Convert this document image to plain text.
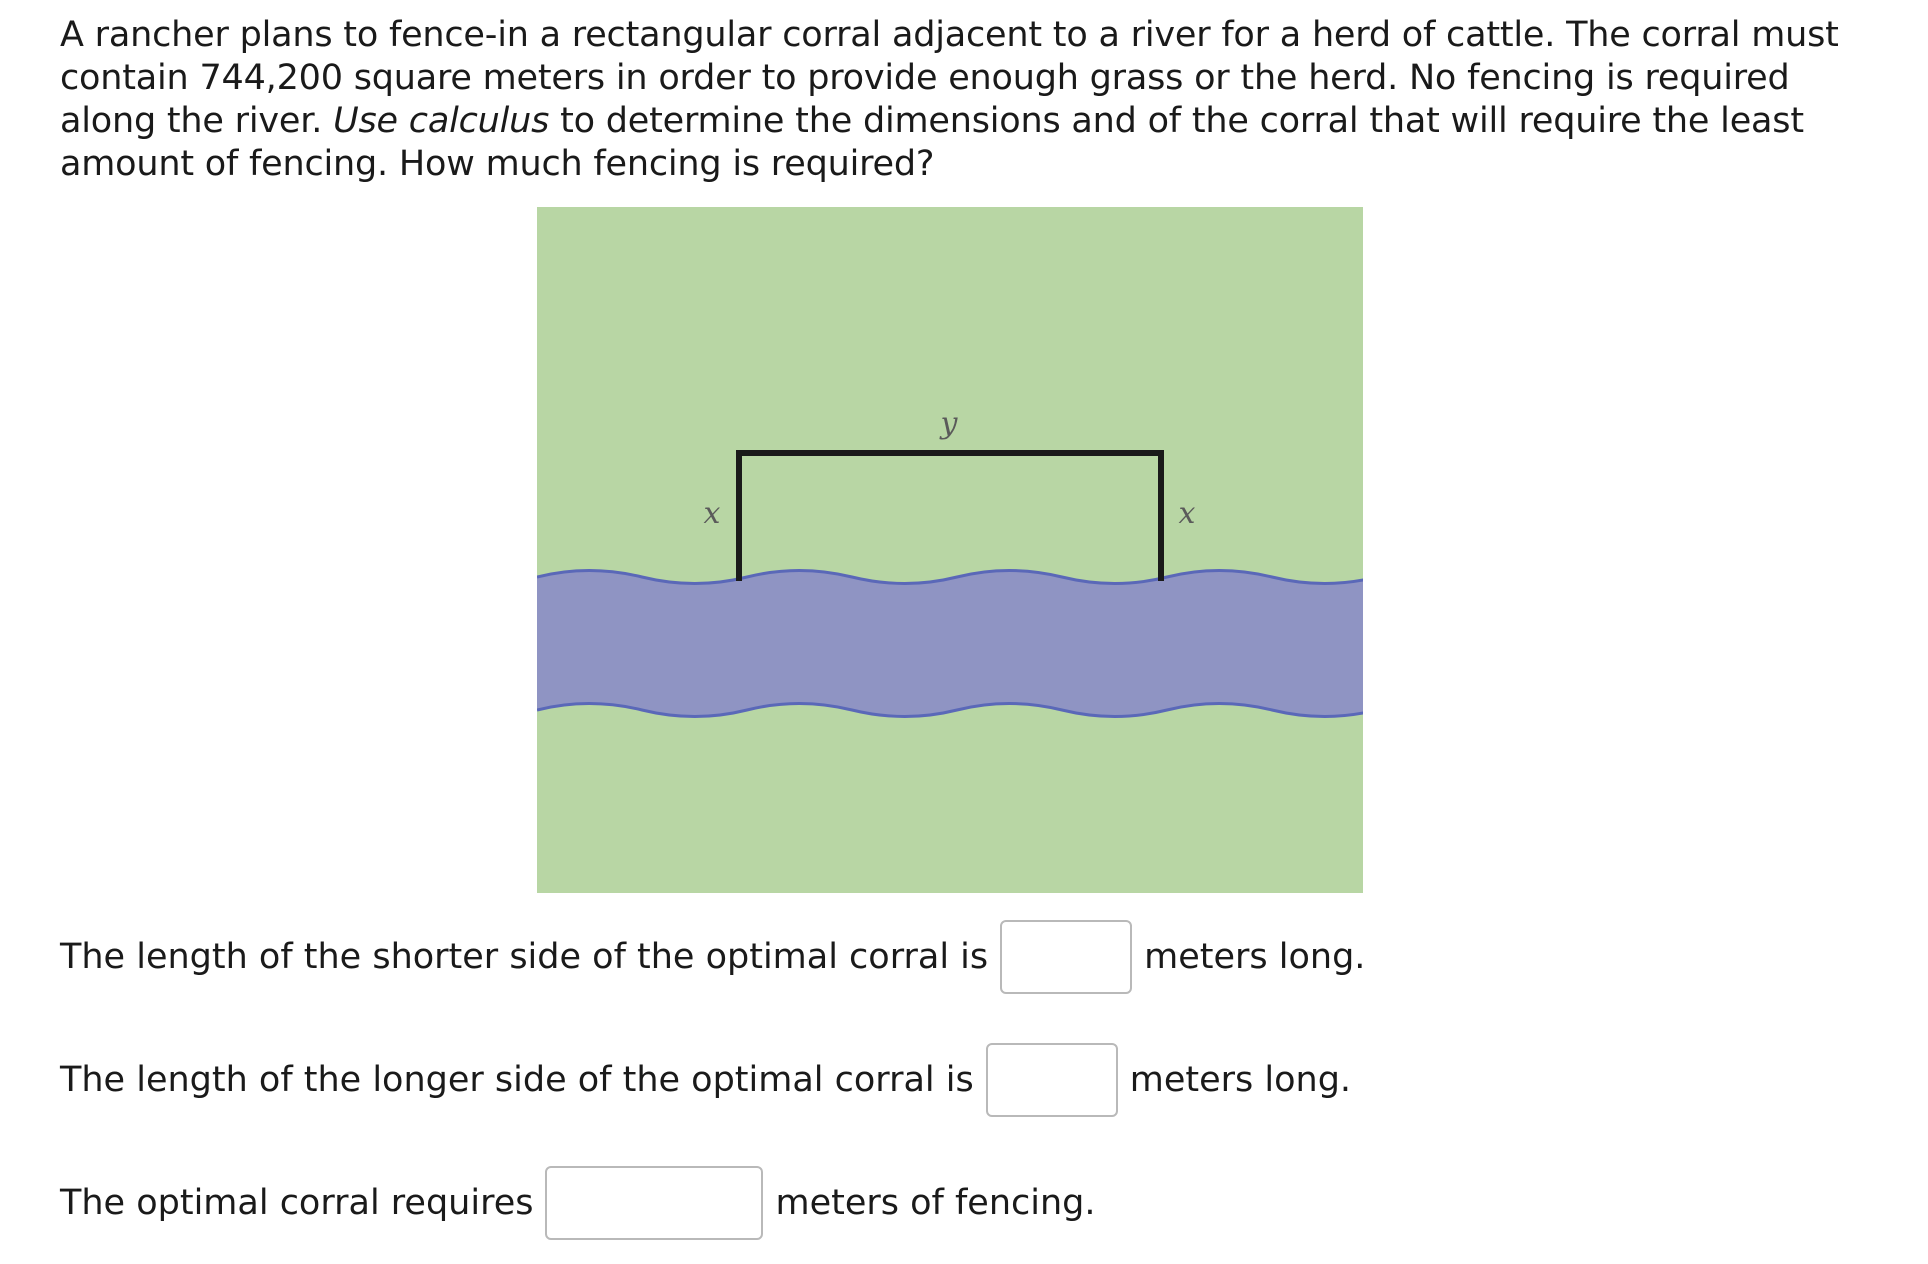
A rancher plans to fence-in a rectangular corral adjacent to a river for a herd of cattle. The corral must contain 744,200 square meters in order to provide enough grass or the herd. No fencing is required along the river. Use calculus to determine the dimensions and of the corral that will require the least amount of fencing. How much fencing is required?

y
x	x
The length of the shorter side of the optimal corral is	meters long.
The length of the longer side of the optimal corral is	meters long.
The optimal corral requires	meters of fencing.
